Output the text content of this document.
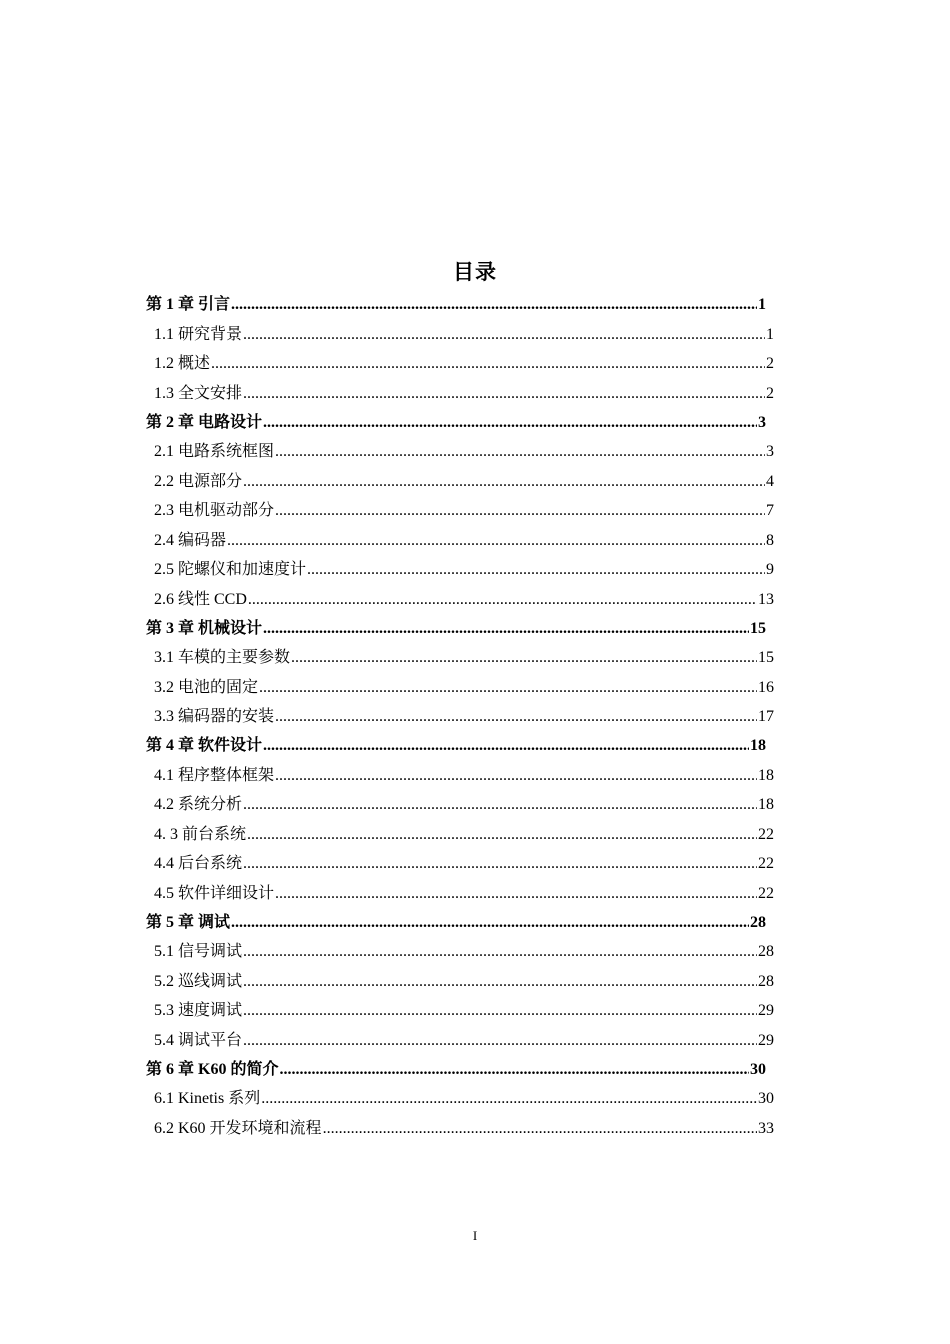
目录
第 1 章 引言 .....	1
1.1 研究背景 .....	1
1.2 概述 .....	2
1.3 全文安排 .....	2
第 2 章 电路设计 .....	3
2.1 电路系统框图 .....	3
2.2 电源部分 .....	4
2.3 电机驱动部分 .....	7
2.4 编码器 .....	8
2.5 陀螺仪和加速度计 .....	9
2.6 线性 CCD .....	13
第 3 章 机械设计 .....	15
3.1 车模的主要参数 .....	15
3.2 电池的固定 .....	16
3.3 编码器的安装 .....	17
第 4 章 软件设计 .....	18
4.1 程序整体框架 .....	18
4.2 系统分析 .....	18
4. 3 前台系统 .....	22
4.4 后台系统 .....	22
4.5 软件详细设计 .....	22
第 5 章 调试 .....	28
5.1 信号调试 .....	28
5.2 巡线调试 .....	28
5.3 速度调试 .....	29
5.4 调试平台 .....	29
第 6 章 K60 的简介 .....	30
6.1 Kinetis 系列 .....	30
6.2 K60 开发环境和流程 .....	33
I
